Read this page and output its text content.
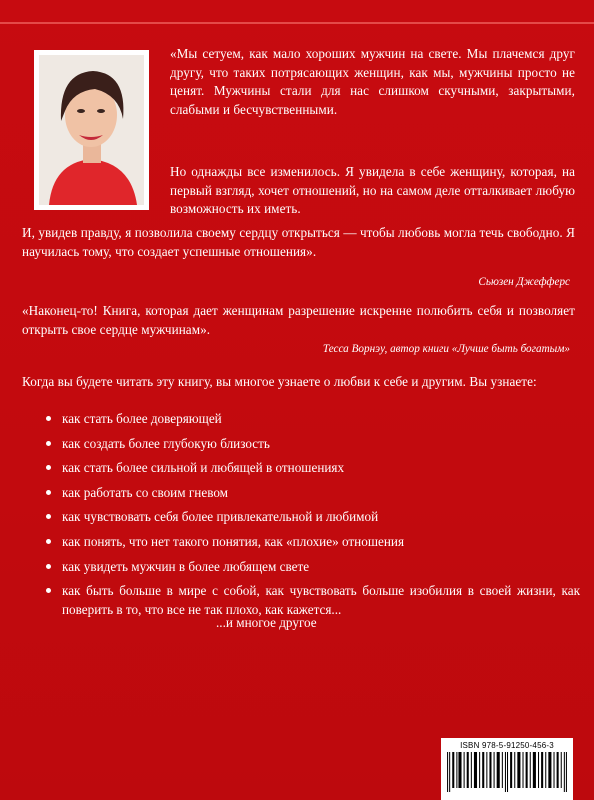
«Мы сетуем, как мало хороших мужчин на свете. Мы плачемся друг другу, что таких потрясающих женщин, как мы, мужчины просто не ценят. Мужчины стали для нас слишком скучными, закрытыми, слабыми и бесчувственными.
Но однажды все изменилось. Я увидела в себе женщину, которая, на первый взгляд, хочет отношений, но на самом деле отталкивает любую возможность их иметь.
И, увидев правду, я позволила своему сердцу открыться — чтобы любовь могла течь свободно. Я научилась тому, что создает успешные отношения».
Сьюзен Джефферс
«Наконец-то! Книга, которая дает женщинам разрешение искренне полюбить себя и позволяет открыть свое сердце мужчинам».
Тесса Ворнэу, автор книги «Лучше быть богатым»
Когда вы будете читать эту книгу, вы многое узнаете о любви к себе и другим. Вы узнаете:
как стать более доверяющей
как создать более глубокую близость
как стать более сильной и любящей в отношениях
как работать со своим гневом
как чувствовать себя более привлекательной и любимой
как понять, что нет такого понятия, как «плохие» отношения
как увидеть мужчин в более любящем свете
как быть больше в мире с собой, как чувствовать больше изобилия в своей жизни, как поверить в то, что все не так плохо, как кажется...
...и многое другое
ISBN 978-5-91250-456-3
